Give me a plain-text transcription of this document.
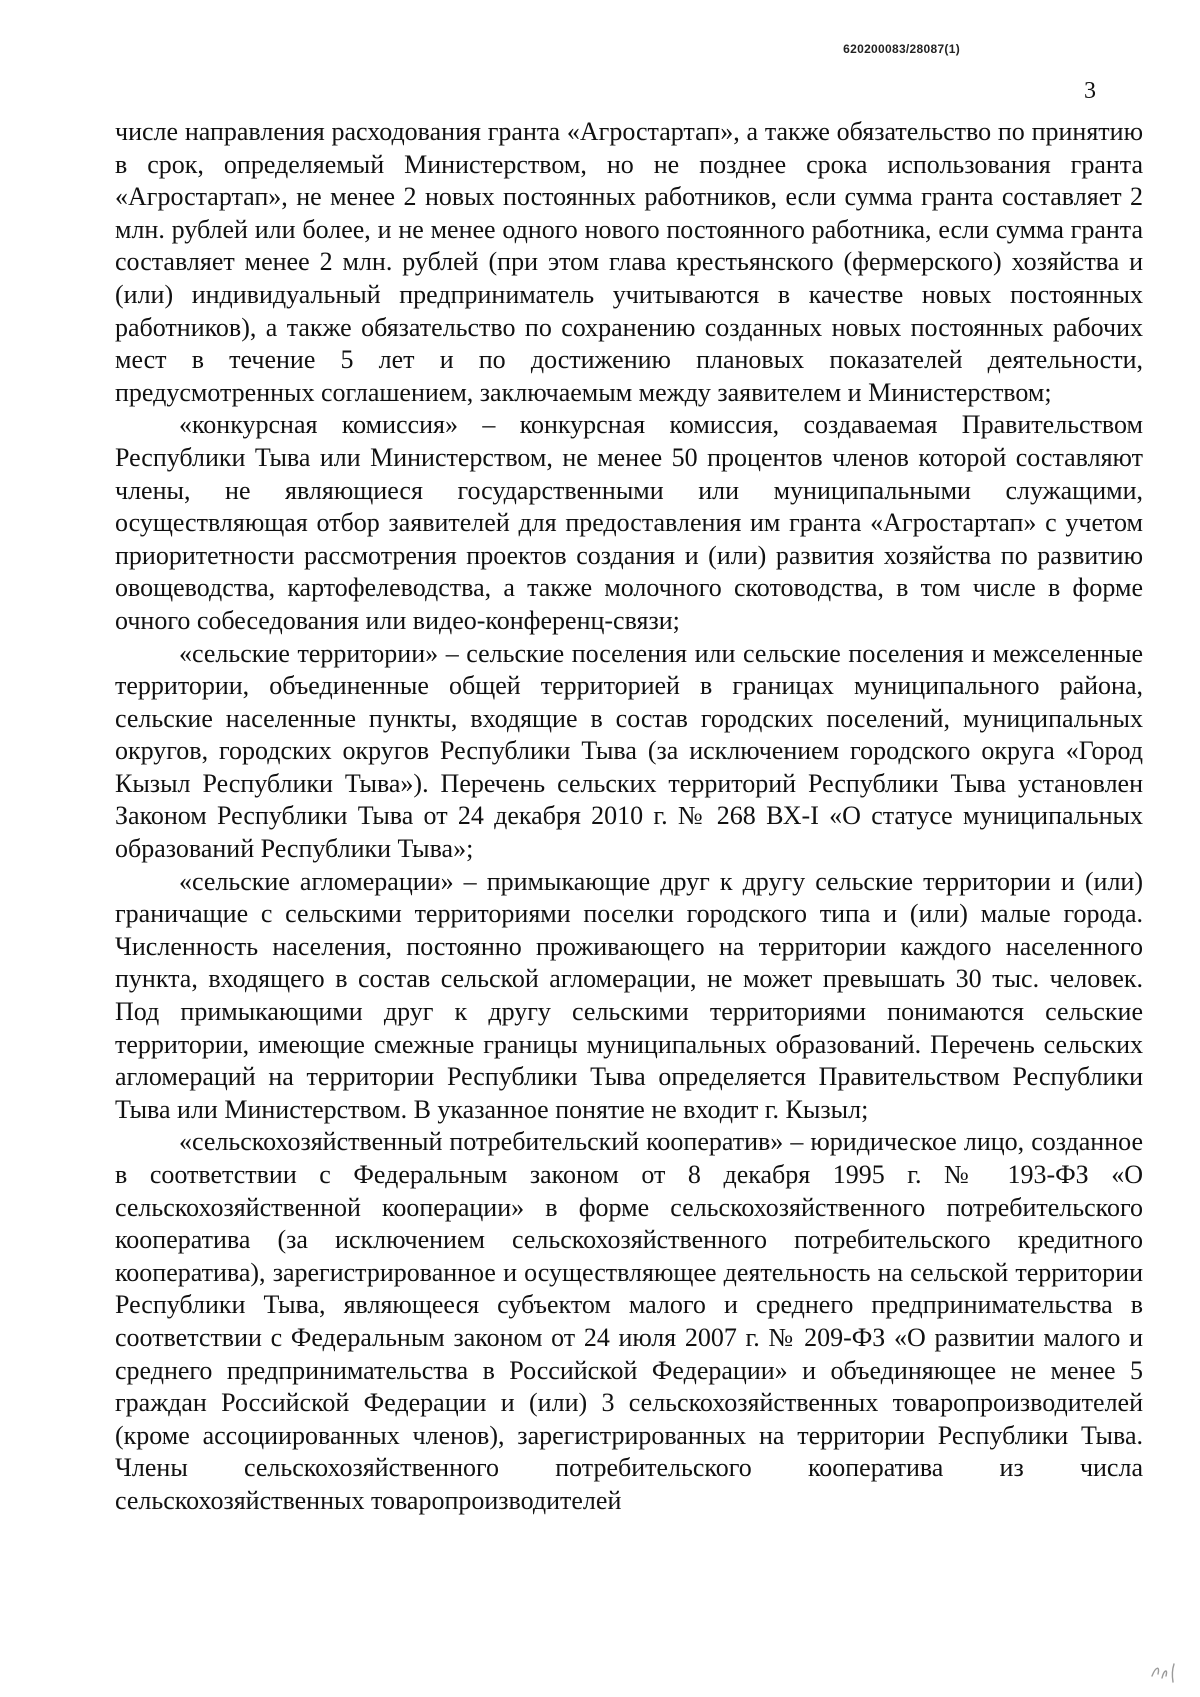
620200083/28087(1)
3

числе направления расходования гранта «Агростартап», а также обязательство по принятию в срок, определяемый Министерством, но не позднее срока использования гранта «Агростартап», не менее 2 новых постоянных работников, если сумма гранта составляет 2 млн. рублей или более, и не менее одного нового постоянного работника, если сумма гранта составляет менее 2 млн. рублей (при этом глава крестьянского (фермерского) хозяйства и (или) индивидуальный предприниматель учитываются в качестве новых постоянных работников), а также обязательство по сохранению созданных новых постоянных рабочих мест в течение 5 лет и по достижению плановых показателей деятельности, предусмотренных соглашением, заключаемым между заявителем и Министерством;

«конкурсная комиссия» – конкурсная комиссия, создаваемая Правительством Республики Тыва или Министерством, не менее 50 процентов членов которой составляют члены, не являющиеся государственными или муниципальными служащими, осуществляющая отбор заявителей для предоставления им гранта «Агростартап» с учетом приоритетности рассмотрения проектов создания и (или) развития хозяйства по развитию овощеводства, картофелеводства, а также молочного скотоводства, в том числе в форме очного собеседования или видео-конференц-связи;

«сельские территории» – сельские поселения или сельские поселения и межселенные территории, объединенные общей территорией в границах муниципального района, сельские населенные пункты, входящие в состав городских поселений, муниципальных округов, городских округов Республики Тыва (за исключением городского округа «Город Кызыл Республики Тыва»). Перечень сельских территорий Республики Тыва установлен Законом Республики Тыва от 24 декабря 2010 г. № 268 ВХ-I «О статусе муниципальных образований Республики Тыва»;

«сельские агломерации» – примыкающие друг к другу сельские территории и (или) граничащие с сельскими территориями поселки городского типа и (или) малые города. Численность населения, постоянно проживающего на территории каждого населенного пункта, входящего в состав сельской агломерации, не может превышать 30 тыс. человек. Под примыкающими друг к другу сельскими территориями понимаются сельские территории, имеющие смежные границы муниципальных образований. Перечень сельских агломераций на территории Республики Тыва определяется Правительством Республики Тыва или Министерством. В указанное понятие не входит г. Кызыл;

«сельскохозяйственный потребительский кооператив» – юридическое лицо, созданное в соответствии с Федеральным законом от 8 декабря 1995 г. № 193-ФЗ «О сельскохозяйственной кооперации» в форме сельскохозяйственного потребительского кооператива (за исключением сельскохозяйственного потребительского кредитного кооператива), зарегистрированное и осуществляющее деятельность на сельской территории Республики Тыва, являющееся субъектом малого и среднего предпринимательства в соответствии с Федеральным законом от 24 июля 2007 г. № 209-ФЗ «О развитии малого и среднего предпринимательства в Российской Федерации» и объединяющее не менее 5 граждан Российской Федерации и (или) 3 сельскохозяйственных товаропроизводителей (кроме ассоциированных членов), зарегистрированных на территории Республики Тыва. Члены сельскохозяйственного потребительского кооператива из числа сельскохозяйственных товаропроизводителей
